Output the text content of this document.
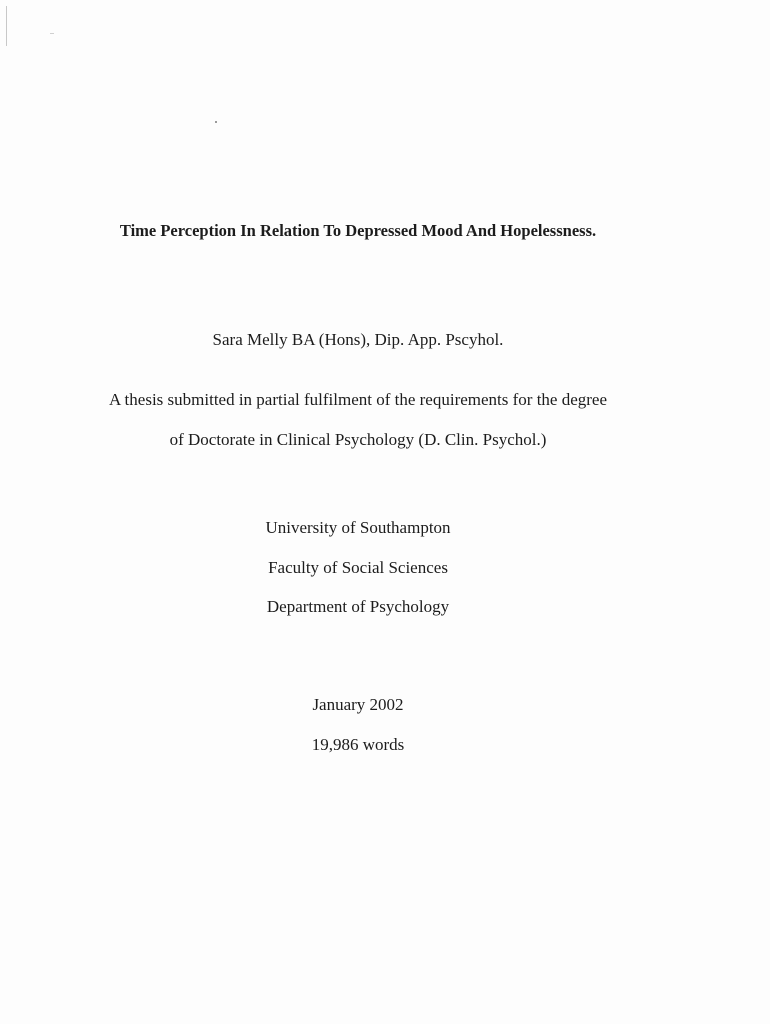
Time Perception In Relation To Depressed Mood And Hopelessness.
Sara Melly BA (Hons), Dip. App. Pscyhol.
A thesis submitted in partial fulfilment of the requirements for the degree
of Doctorate in Clinical Psychology (D. Clin. Psychol.)
University of Southampton
Faculty of Social Sciences
Department of Psychology
January 2002
19,986 words
